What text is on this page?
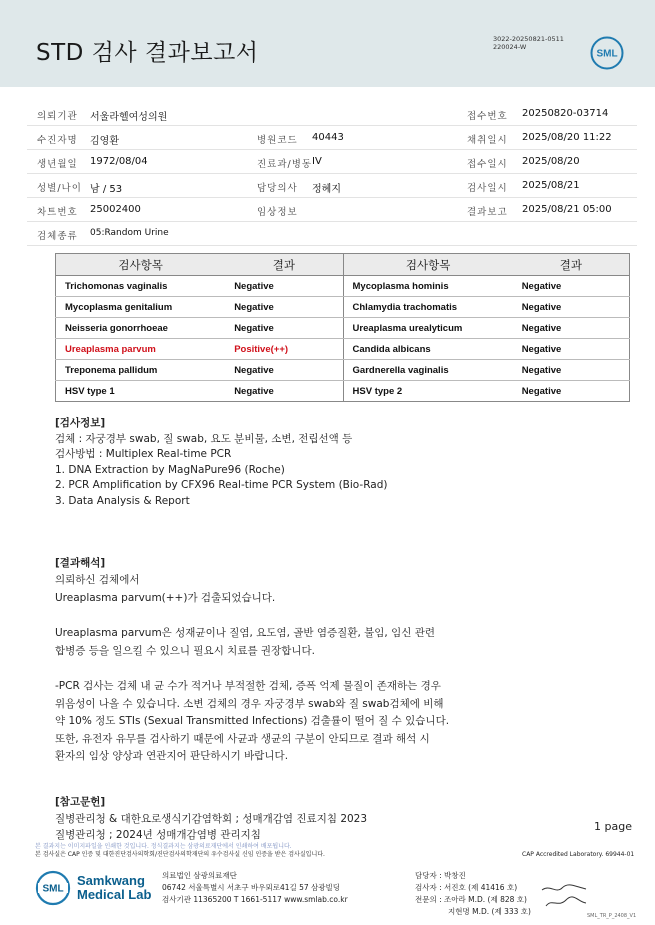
STD 검사 결과보고서
3022-20250821-0511
220024-W
SML
의뢰기관 서울라헬여성의원	접수번호 20250820-03714
수진자명 김영환	병원코드 40443	채취일시 2025/08/20 11:22
생년월일 1972/08/04	진료과/병동 IV	접수일시 2025/08/20
성별/나이 남 / 53	담당의사 정혜지	검사일시 2025/08/21
차트번호 25002400	임상정보	결과보고 2025/08/21 05:00
검체종류 05:Random Urine
검사항목	결과	검사항목	결과
Trichomonas vaginalis	Negative	Mycoplasma hominis	Negative
Mycoplasma genitalium	Negative	Chlamydia trachomatis	Negative
Neisseria gonorrhoeae	Negative	Ureaplasma urealyticum	Negative
Ureaplasma parvum	Positive(++)	Candida albicans	Negative
Treponema pallidum	Negative	Gardnerella vaginalis	Negative
HSV type 1	Negative	HSV type 2	Negative
[검사정보]
검체 : 자궁경부 swab, 질 swab, 요도 분비물, 소변, 전립선액 등
검사방법 : Multiplex Real-time PCR
1. DNA Extraction by MagNaPure96 (Roche)
2. PCR Amplification by CFX96 Real-time PCR System (Bio-Rad)
3. Data Analysis & Report
[결과해석]

의뢰하신 검체에서

Ureaplasma parvum(++)가 검출되었습니다.

Ureaplasma parvum은 성재균이나 질염, 요도염, 골반 염증질환, 불임, 임신 관련

합병증 등을 일으킬 수 있으니 필요시 치료를 권장합니다.

-PCR 검사는 검체 내 균 수가 적거나 부적절한 검체, 증폭 억제 물질이 존재하는 경우

위음성이 나올 수 있습니다. 소변 검체의 경우 자궁경부 swab와 질 swab검체에 비해

약 10% 정도 STIs (Sexual Transmitted Infections) 검출률이 떨어 질 수 있습니다.

또한, 유전자 유무를 검사하기 때문에 사균과 생균의 구분이 안되므로 결과 해석 시

환자의 임상 양상과 연관지어 판단하시기 바랍니다.

[참고문헌]
질병관리청 & 대한요로생식기감염학회 ; 성매개감염 진료지침 2023
질병관리청 ; 2024년 성매개감염병 관리지침
1 page
본 결과지는 이미지파일을 인쇄한 것입니다. 정식결과지는 삼광의료재단에서 인쇄하여 배포됩니다.
본 검사실은 CAP 인증 및 대한진단검사의학회/진단검사의학재단의 우수검사실 신임 인증을 받은 검사실입니다.	CAP Accredited Laboratory. 69944-01
SML
Samkwang
Medical Lab
의료법인 삼광의료재단
06742 서울특별시 서초구 바우뫼로41길 57 삼광빌딩
검사기관 11365200 T 1661-5117 www.smlab.co.kr
담당자 : 박창진
검사자 : 서진호 (제 41416 호)
전문의 : 조아라 M.D. (제 828 호)
지현명 M.D. (제 333 호)	SML_TR_P_2408_V1
